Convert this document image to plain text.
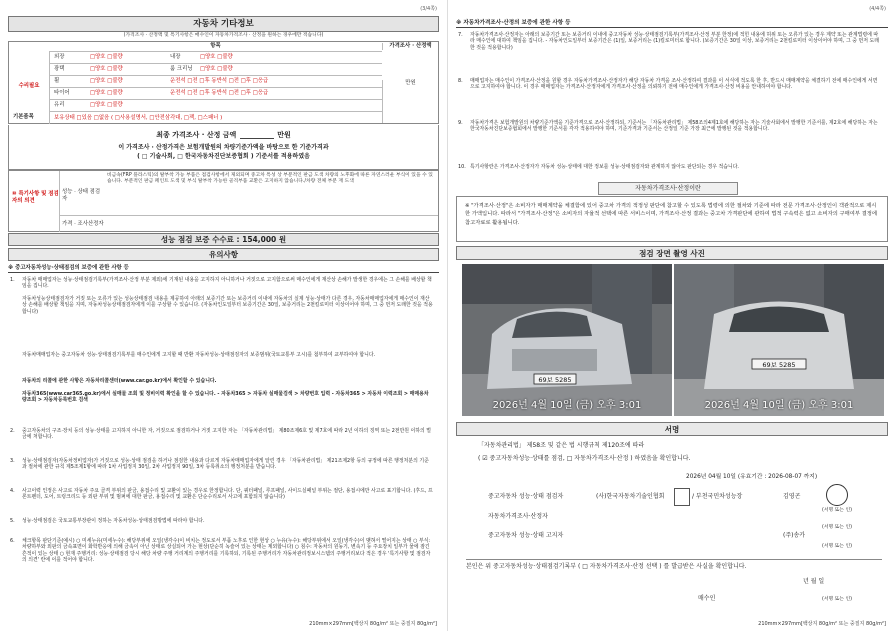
(3/4쪽)
자동차 기타정보
(가격조사 · 산정액 및 특기사항은 매수인이 자동차가격조사 · 산정을 원하는 경우에만 적습니다)
항목	가격조사 · 산정액
수리필요
외장	□양호 □불량	내장	□양호 □불량
광택	□양호 □불량	룸 크리닝 □양호 □불량
휠	□양호 □불량	운전석 □전 □후 동반석 □전 □후 □응급
타이어	□양호 □불량	운전석 □전 □후 동반석 □전 □후 □응급
유리	□양호 □불량
보유상태 □있음 □없음 ( □사용설명서, □안전삼각대, □잭, □스패너 )
기본품목
만원
최종 가격조사 · 산정 금액	만원
이 가격조사 · 산정가격은 보험개발원의 차량기준가액을 바탕으로 한 기준가격과
( □ 기술사회, □ 한국자동차진단보증협회 ) 기준서를 적용하였음
⑩ 특기사항 및 점검자의 의견
성능 · 상태 점검자
비금속(FRP 플라스틱)의 탈부착 가능 부품은 점검사항에서 제외되며 중고차 특성 상 부분적인 판금 도색 차량의 노후화에 따른 자연스러운 부식이 있을 수 있습니다. 부분적인 판금 페인트 도색 및 부식 탈부착 가능한 골격부품 교환은 고지하지 않습니다./차량 전체 부분 재 도색
가격 · 조사산정자
성능 점검 보증 수수료 : 154,000 원
유의사항
※ 중고자동차성능·상태점검의 보증에 관한 사항 등
1. 자동차 매매업자는 성능·상태점검기록부(가격조사·산정 부분 제외)에 기재된 내용을 고지하지 아니하거나 거짓으로 고지함으로써 매수인에게 재산상 손해가 발생한 경우에는 그 손해를 배상할 책임을 집니다.
자동차성능상태점검자가 거짓 또는 오류가 있는 성능상태점검 내용을 제공하여 아래의 보증기간 또는 보증거리 이내에 자동차의 실제 성능·상태가 다른 경우, 자동차매매업자에게 매수인이 재산상 손해를 배상할 책임을 지며, 자동차성능상태점검자에게 이를 구상할 수 있습니다. (자동차인도일부터 보증기간은 30일, 보증거리는 2천킬로미터 이상이어야 하며, 그 중 먼저 도래한 것을 적용합니다)
자동차매매업자는 중고자동차 성능·상태점검기록부를 매수인에게 고지할 때 반환 자동차성능·상태점검자의 보증범위(국토교통부 고시)를 첨부하여 교부하여야 합니다.
자동차의 리콜에 관한 사항은 자동차리콜센터(www.car.go.kr)에서 확인할 수 있습니다.
자동차365(www.car365.go.kr)에서 실매물 조회 및 정비이력 확인을 할 수 있습니다. - 자동차365 > 자동차 실매물검색 > 차량번호 입력 - 자동차365 > 자동차 이력조회 > 매매용차량조회 > 자동차등록번호 검색
2. 중고자동차의 구조·장치 등의 성능·상태를 고지하지 아니한 자, 거짓으로 점검하거나 거짓 고지한 자는 「자동차관리법」 제80조제6호 및 제7호에 따라 2년 이하의 징역 또는 2천만원 이하의 벌금에 처합니다.
3. 성능·상태점검자(자동차정비업자)가 거짓으로 성능·상태 점검을 하거나 점검한 내용과 다르게 자동차매매업자에게 알린 경우 「자동차관리법」 제21조제2항 등의 규정에 따른 행정처분의 기준과 절차에 관한 규칙 제5조제1항에 따라 1차 사업정지 30일, 2차 사업정지 90일, 3차 등록취소의 행정처분을 받습니다.
4. 사고이력 인정은 사고로 자동차 주요 골격 부위의 판금, 용접수리 및 교환이 있는 경우로 한정합니다. 단, 쿼터패널, 루프패널, 사이드실패널 부위는 절단, 용접시에만 사고로 표기합니다. (후드, 프론트펜더, 도어, 트렁크리드 등 외판 부위 및 범퍼에 대한 판금, 용접수리 및 교환은 단순수리로서 사고에 포함되지 않습니다)
5. 성능·상태점검은 국토교통부장관이 정하는 자동차성능·상태점검방법에 따라야 합니다.
6. 체크항목 판단기준(예시) ○ 미세누유(미세누수): 해당부위에 오일(냉각수)이 비치는 정도로서 부품 노후로 인한 현상 ○ 누유(누수): 해당부위에서 오일(냉각수)이 맺혀서 떨어지는 상태 ○ 부식: 차량하부와 외판의 금속표면이 화학반응에 의해 금속이 아닌 상태로 상실되어 가는 현상(단순히 녹슬어 있는 상태는 제외합니다) ○ 침수: 자동차의 원동기, 변속기 등 주요장치 일부가 물에 잠긴 흔적이 있는 상태 ○ 현재 주행거리: 성능·상태점검 당시 해당 차량 주행 거리계의 주행거리를 기록하되, 기록된 주행거리가 자동차관리정보시스템의 주행거리보다 적은 경우 '특기사항 및 점검자의 의견' 란에 이를 적어야 합니다.
210mm×297mm[백상지 80g/m² 또는 중질지 80g/m²]
(4/4쪽)
※ 자동차가격조사·산정의 보증에 관한 사항 등
7. 자동차가격조사·산정자는 아래의 보증기간 또는 보증거리 이내에 중고자동차 성능·상태점검기록부(가격조사·산정 부분 한정)에 적힌 내용에 허위 또는 오류가 있는 경우 계약 또는 관계법령에 따라 매수인에 대하여 책임을 집니다. - 자동차인도일부터 보증기간은 (1)일, 보증거리는 (1)킬로미터로 합니다. (보증기간은 30일 이상, 보증거리는 2천킬로미터 이상이어야 하며, 그 중 먼저 도래한 것을 적용합니다)
8. 매매업자는 매수인이 가격조사·산정을 원할 경우 자동차가격조사·산정자가 해당 자동차 가격을 조사·산정하여 결과를 이 서식에 적도록 한 후, 반드시 매매계약을 체결하기 전에 매수인에게 서면으로 고지하여야 합니다. 이 경우 매매업자는 가격조사·산정자에게 가격조사·산정을 의뢰하기 전에 매수인에게 가격조사·산정 비용을 안내하여야 합니다.
9. 자동차가격은 보험개발원의 차량기준가액을 기준가격으로 조사·산정하되, 기준서는 「자동차관리법」 제58조의4제1호에 해당하는 자는 기술사회에서 발행한 기준서를, 제2호에 해당하는 자는 한국자동차진단보증협회에서 발행한 기준서를 각각 적용하여야 하며, 기준가격과 기준서는 산정일 기준 가장 최근에 발행된 것을 적용합니다.
10. 특기사항란은 가격조사·산정자가 자동차 성능·상태에 대한 정보를 성능·상태점검자와 관계하지 않아도 판단되는 경우 적습니다.
자동차가격조사·산정이란
※ "가격조사·산정"은 소비자가 매매계약을 체결함에 있어 중고차 가격의 적정성 판단에 참고할 수 있도록 법령에 의한 절차와 기준에 따라 전문 가격조사·산정인이 객관적으로 제시한 가액입니다. 따라서 "가격조사·산정"은 소비자의 자율적 선택에 따른 서비스이며, 가격조사·산정 결과는 중고차 가격판단에 관하여 법적 구속력은 없고 소비자의 구매여부 결정에 참고자료로 활용됩니다.
점검 장면 촬영 사진
69보 5285
2026년 4월 10일 (금) 오후 3:01
69보 5285
2026년 4월 10일 (금) 오후 3:01
서명
「자동차관리법」 제58조 및 같은 법 시행규칙 제120조에 따라
( ☑ 중고자동차성능·상태를 점검, □ 자동차가격조사·산정 ) 하였음을 확인합니다.
2026년 04월 10일 (유효기간 : 2026-08-07 까지)
중고자동차 성능·상태 점검자	(사)한국자동차기술인협회	/ 부천국민차성능장	김영곤
(서명 또는 인)
자동차가격조사·산정자
(서명 또는 인)
중고자동차 성능·상태 고지자	(주)송카
(서명 또는 인)
본인은 위 중고자동차성능·상태점검기록부 ( □ 자동차가격조사·산정 선택 ) 를 발급받은 사실을 확인합니다.
년 월 일
매수인	(서명 또는 인)
210mm×297mm[백상지 80g/m² 또는 중질지 80g/m²]
